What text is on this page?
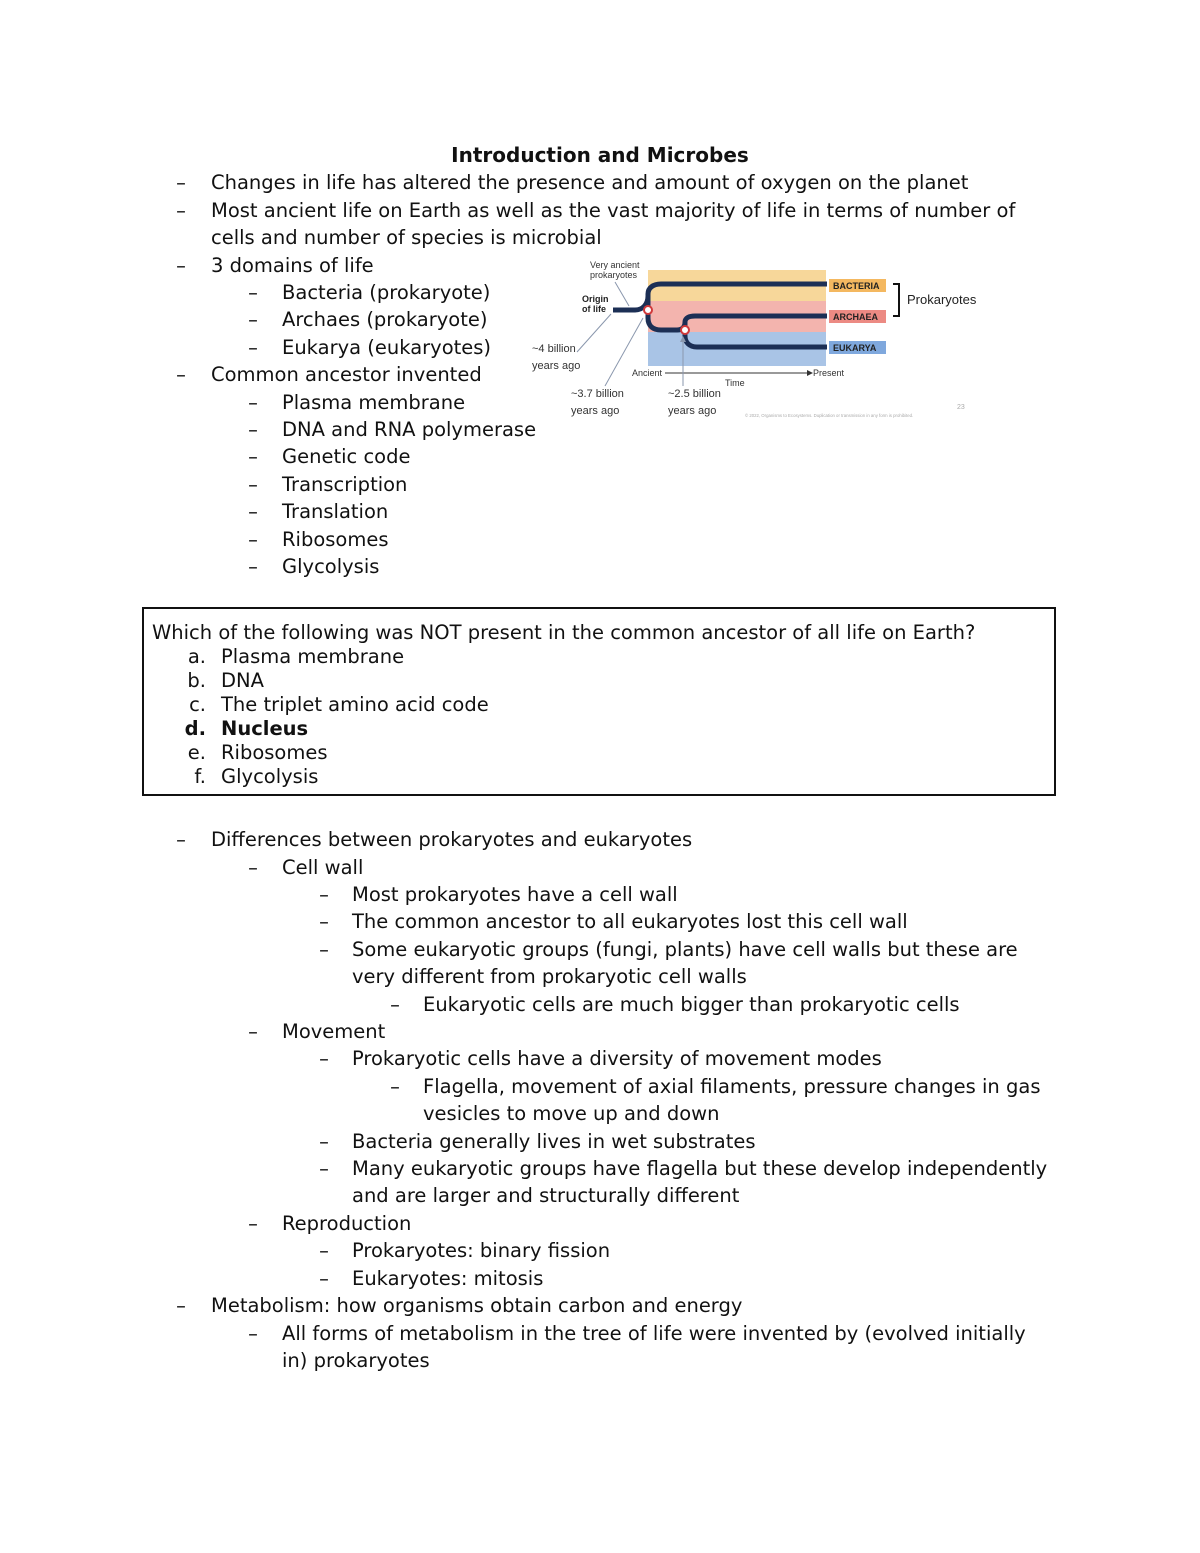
Introduction and Microbes
– Changes in life has altered the presence and amount of oxygen on the planet
– Most ancient life on Earth as well as the vast majority of life in terms of number of
cells and number of species is microbial
– 3 domains of life
– Bacteria (prokaryote)
– Archaes (prokaryote)
– Eukarya (eukaryotes)
– Common ancestor invented
– Plasma membrane
– DNA and RNA polymerase
– Genetic code
– Transcription
– Translation
– Ribosomes
– Glycolysis
Very ancient
prokaryotes
Origin
of life
BACTERIA
ARCHAEA
EUKARYA
Prokaryotes
~4 billion
years ago
Ancient	Present
Time
~3.7 billion
years ago
~2.5 billion
years ago	23
© 2022, Organisms to Ecosystems. Duplication or transmission in any form is prohibited.
Which of the following was NOT present in the common ancestor of all life on Earth?
a. Plasma membrane
b. DNA
c. The triplet amino acid code
d. Nucleus
e. Ribosomes
f. Glycolysis
– Differences between prokaryotes and eukaryotes
– Cell wall
– Most prokaryotes have a cell wall
– The common ancestor to all eukaryotes lost this cell wall
– Some eukaryotic groups (fungi, plants) have cell walls but these are
very different from prokaryotic cell walls
– Eukaryotic cells are much bigger than prokaryotic cells
– Movement
– Prokaryotic cells have a diversity of movement modes
– Flagella, movement of axial filaments, pressure changes in gas
vesicles to move up and down
– Bacteria generally lives in wet substrates
– Many eukaryotic groups have flagella but these develop independently
and are larger and structurally different
– Reproduction
– Prokaryotes: binary fission
– Eukaryotes: mitosis
– Metabolism: how organisms obtain carbon and energy
– All forms of metabolism in the tree of life were invented by (evolved initially
in) prokaryotes
